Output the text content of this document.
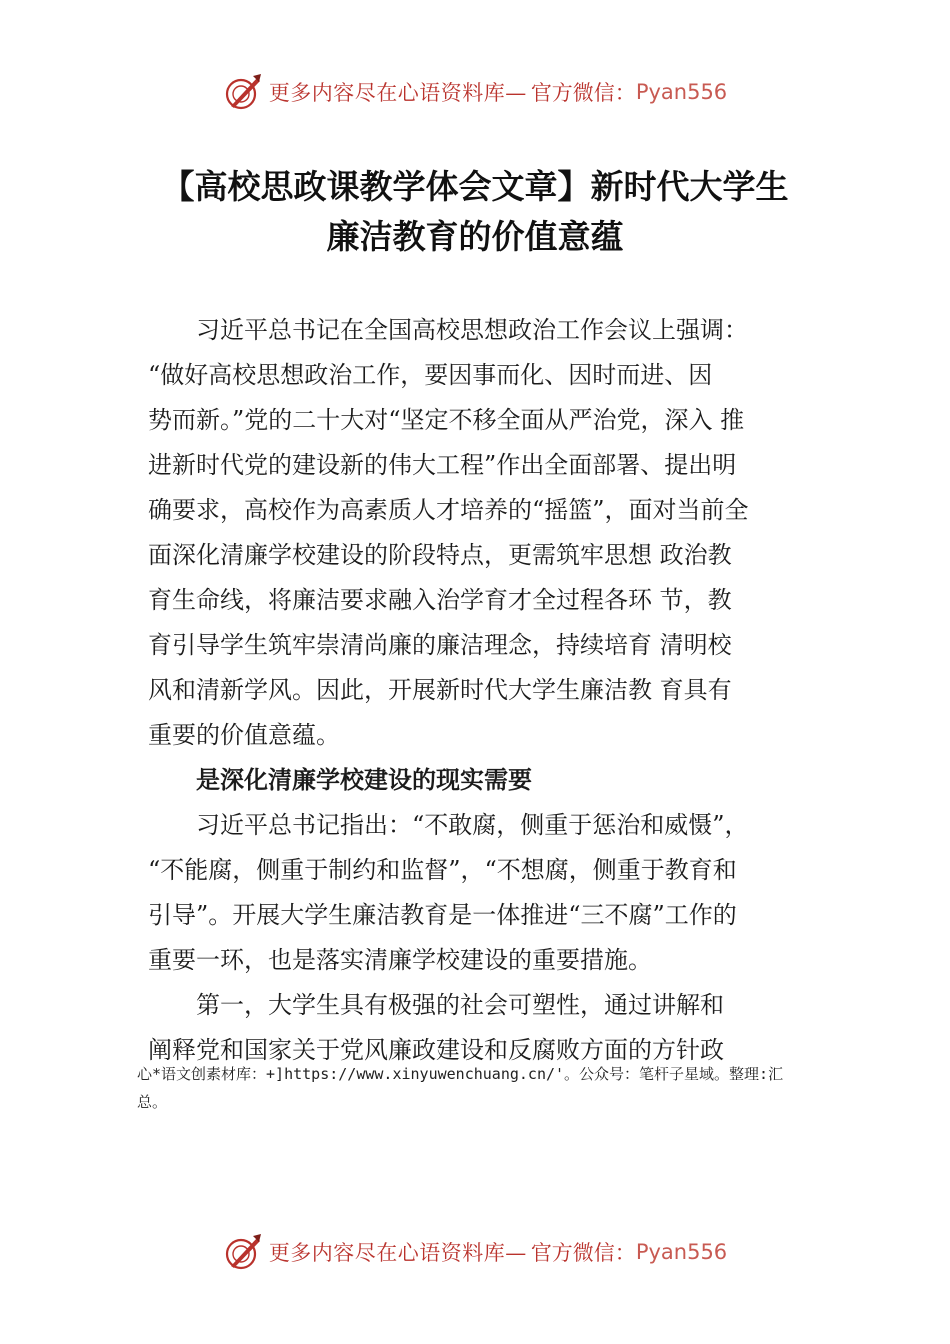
更多内容尽在心语资料库— 官方微信： Pyan556
【高校思政课教学体会文章】新时代大学生
廉洁教育的价值意蕴
　　习近平总书记在全国高校思想政治工作会议上强调：
“做好高校思想政治工作，要因事而化、因时而进、因
势而新。”党的二十大对“坚定不移全面从严治党，深入 推
进新时代党的建设新的伟大工程”作出全面部署、提出明
确要求，高校作为高素质人才培养的“摇篮”，面对当前全
面深化清廉学校建设的阶段特点，更需筑牢思想 政治教
育生命线，将廉洁要求融入治学育才全过程各环 节，教
育引导学生筑牢崇清尚廉的廉洁理念，持续培育 清明校
风和清新学风。因此，开展新时代大学生廉洁教 育具有
重要的价值意蕴。
　　是深化清廉学校建设的现实需要
　　习近平总书记指出：“不敢腐，侧重于惩治和威慑”，
“不能腐，侧重于制约和监督”，“不想腐，侧重于教育和
引导”。开展大学生廉洁教育是一体推进“三不腐”工作的
重要一环，也是落实清廉学校建设的重要措施。
　　第一，大学生具有极强的社会可塑性，通过讲解和
阐释党和国家关于党风廉政建设和反腐败方面的方针政
心*语文创素材库：+]https://www.xinyuwenchuang.cn/'。公众号：笔杆子星域。整理:汇
总。
更多内容尽在心语资料库— 官方微信： Pyan556
